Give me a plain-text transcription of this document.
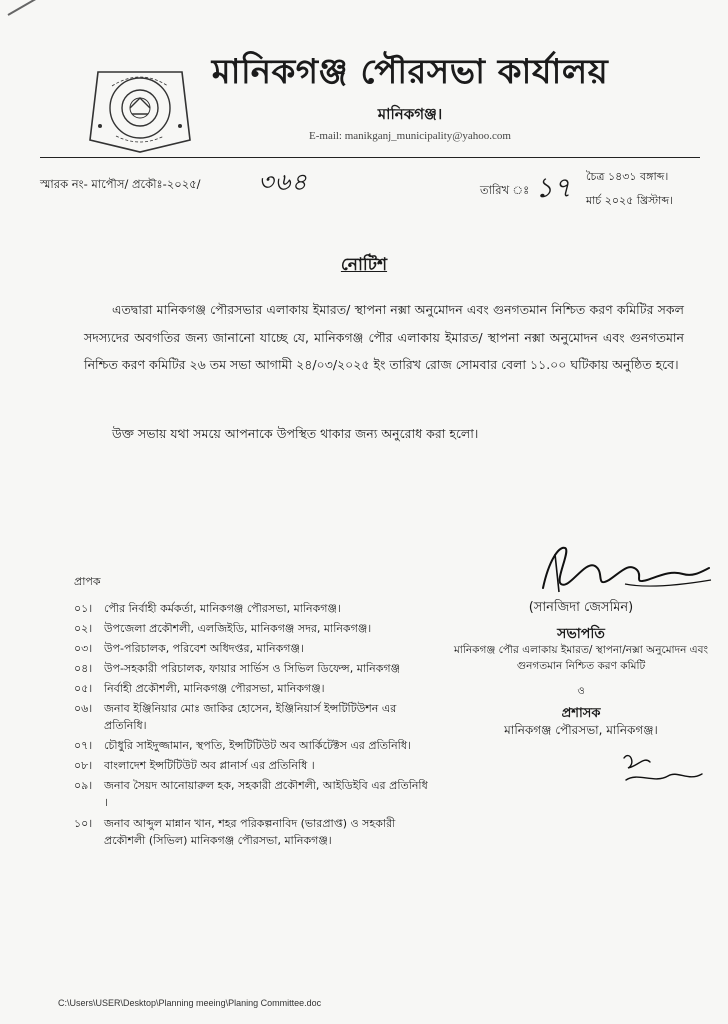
মানিকগঞ্জ পৌরসভা কার্যালয়
মানিকগঞ্জ।
E-mail: manikganj_municipality@yahoo.com
স্মারক নং- মাপৌস/ প্রকৌঃ-২০২৫/ ৩৬৪	তারিখ ঃ ১৭ চৈত্র ১৪৩১ বঙ্গাব্দ।
মার্চ ২০২৫ খ্রিস্টাব্দ।
নোটিশ
এতদ্বারা মানিকগঞ্জ পৌরসভার এলাকায় ইমারত/ স্থাপনা নক্সা অনুমোদন এবং গুনগতমান নিশ্চিত করণ কমিটির সকল সদস্যদের অবগতির জন্য জানানো যাচ্ছে যে, মানিকগঞ্জ পৌর এলাকায় ইমারত/ স্থাপনা নক্সা অনুমোদন এবং গুনগতমান নিশ্চিত করণ কমিটির ২৬ তম সভা আগামী ২৪/০৩/২০২৫ ইং তারিখ রোজ সোমবার বেলা ১১.০০ ঘটিকায় অনুষ্ঠিত হবে।
উক্ত সভায় যথা সময়ে আপনাকে উপস্থিত থাকার জন্য অনুরোধ করা হলো।
প্রাপক
০১।	পৌর নির্বাহী কর্মকর্তা, মানিকগঞ্জ পৌরসভা, মানিকগঞ্জ।
০২।	উপজেলা প্রকৌশলী, এলজিইডি, মানিকগঞ্জ সদর, মানিকগঞ্জ।
০৩।	উপ-পরিচালক, পরিবেশ অধিদপ্তর, মানিকগঞ্জ।
০৪।	উপ-সহকারী পরিচালক, ফায়ার সার্ভিস ও সিভিল ডিফেন্স, মানিকগঞ্জ
০৫।	নির্বাহী প্রকৌশলী, মানিকগঞ্জ পৌরসভা, মানিকগঞ্জ।
০৬।	জনাব ইঞ্জিনিয়ার মোঃ জাকির হোসেন, ইঞ্জিনিয়ার্স ইন্সটিটিউশন এর প্রতিনিধি।
০৭।	চৌধুরি সাইদুজ্জামান, স্থপতি, ইন্সটিটিউট অব আর্কিটেক্টস এর প্রতিনিধি।
০৮।	বাংলাদেশ ইন্সটিটিউট অব প্লানার্স এর প্রতিনিধি ।
০৯।	জনাব সৈয়দ আনোয়ারুল হক, সহকারী প্রকৌশলী, আইডিইবি এর প্রতিনিধি ।
১০।	জনাব আব্দুল মান্নান খান, শহর পরিকল্পনাবিদ (ভারপ্রাপ্ত) ও সহকারী প্রকৌশলী (সিভিল) মানিকগঞ্জ পৌরসভা, মানিকগঞ্জ।
(সানজিদা জেসমিন)
সভাপতি
মানিকগঞ্জ পৌর এলাকায় ইমারত/ স্থাপনা/নক্সা অনুমোদন এবং গুনগতমান নিশ্চিত করণ কমিটি
ও
প্রশাসক
মানিকগঞ্জ পৌরসভা, মানিকগঞ্জ।
C:\Users\USER\Desktop\Planning meeing\Planing Committee.doc
